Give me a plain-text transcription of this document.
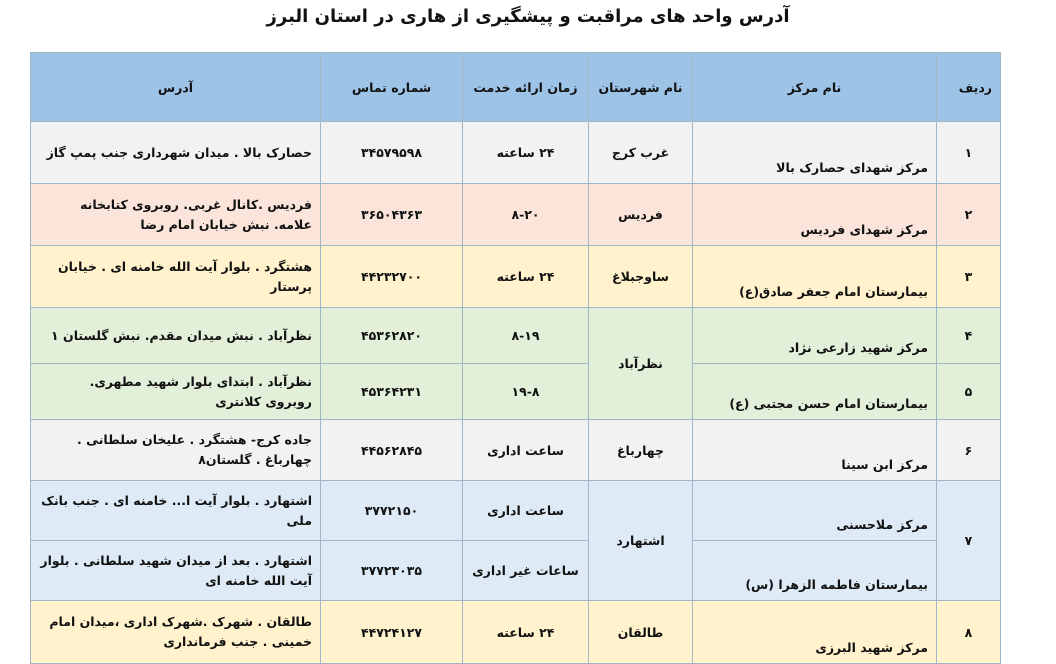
آدرس واحد های مراقبت و پیشگیری از هاری در استان البرز
ردیف	نام مرکز	نام شهرستان	زمان ارائه خدمت	شماره تماس	آدرس
۱	مرکز شهدای حصارک بالا	غرب کرج	۲۴ ساعته	۳۴۵۷۹۵۹۸	حصارک بالا . میدان شهرداری جنب پمپ گاز
۲	مرکز شهدای فردیس	فردیس	۸-۲۰	۳۶۵۰۴۳۶۳	فردیس .کانال غربی. روبروی کتابخانه علامه. نبش خیابان امام رضا
۳	بیمارستان امام جعفر صادق(ع)	ساوجبلاغ	۲۴ ساعته	۴۴۲۳۲۷۰۰	هشتگرد . بلوار آیت الله خامنه ای . خیابان پرستار
۴	مرکز شهید زارعی نژاد	نظرآباد	۸-۱۹	۴۵۳۶۲۸۲۰	نظرآباد . نبش میدان مقدم. نبش گلستان ۱
۵	بیمارستان امام حسن مجتبی (ع)		۱۹-۸	۴۵۳۶۴۲۳۱	نظرآباد . ابتدای بلوار شهید مطهری. روبروی کلانتری
۶	مرکز ابن سینا	چهارباغ	ساعت اداری	۴۴۵۶۲۸۴۵	جاده کرج- هشتگرد . علیخان سلطانی . چهارباغ . گلستان۸
۷	مرکز ملاحسنی	اشتهارد	ساعت اداری	۳۷۷۲۱۵۰	اشتهارد . بلوار آیت ا... خامنه ای . جنب بانک ملی
	بیمارستان فاطمه الزهرا (س)		ساعات غیر اداری	۳۷۷۲۳۰۳۵	اشتهارد . بعد از میدان شهید سلطانی . بلوار آیت الله خامنه ای
۸	مرکز شهید البرزی	طالقان	۲۴ ساعته	۴۴۷۲۴۱۲۷	طالقان . شهرک .شهرک اداری ،میدان امام خمینی . جنب فرمانداری
